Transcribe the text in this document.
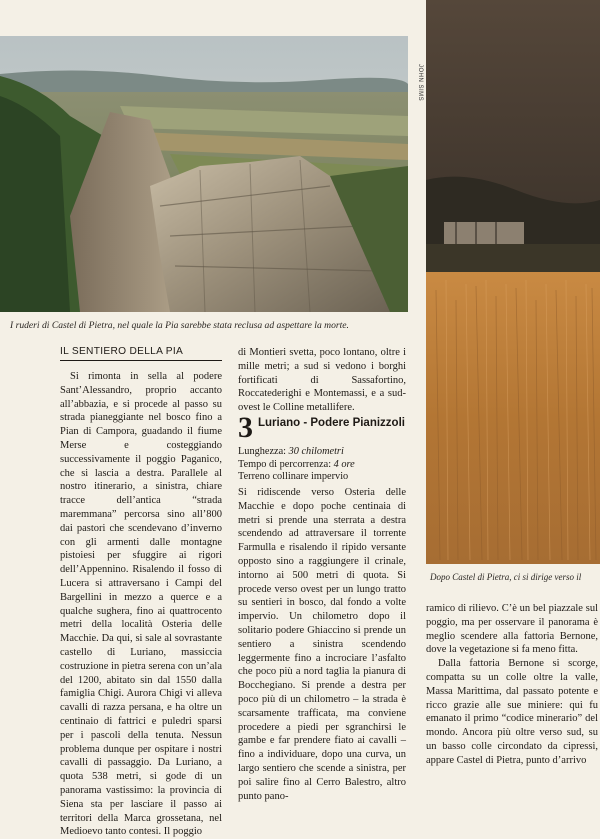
JOHN SIMS
I ruderi di Castel di Pietra, nel quale la Pia sarebbe stata reclusa ad aspettare la morte.
Dopo Castel di Pietra, ci si dirige verso il
IL SENTIERO DELLA PIA

Si rimonta in sella al podere Sant’Alessandro, proprio accanto all’abbazia, e si procede al passo su strada pianeggiante nel bosco fino a Pian di Campora, guadando il fiume Merse e costeggiando successivamente il poggio Paganico, che si lascia a destra. Parallele al nostro itinerario, a sinistra, chiare tracce dell’antica “strada maremmana” percorsa sino all’800 dai pastori che scendevano d’inverno con gli armenti dalle montagne pistoiesi per sfuggire ai rigori dell’Appennino. Risalendo il fosso di Lucera si attraversano i Campi del Bargellini in mezzo a querce e a qualche sughera, fino ai quattrocento metri della località Osteria delle Macchie. Da qui, si sale al sovrastante castello di Luriano, massiccia costruzione in pietra serena con un’ala del 1200, abitato sin dal 1550 dalla famiglia Chigi. Aurora Chigi vi alleva cavalli di razza persana, e ha oltre un centinaio di fattrici e puledri sparsi per i pascoli della tenuta. Nessun problema dunque per ospitare i nostri cavalli di passaggio. Da Luriano, a quota 538 metri, si gode di un panorama vastissimo: la provincia di Siena sta per lasciare il passo ai territori della Marca grossetana, nel Medioevo tanto contesi. Il poggio

di Montieri svetta, poco lontano, oltre i mille metri; a sud si vedono i borghi fortificati di Sassafortino, Roccatederighi e Montemassi, e a sud-ovest le Colline metallifere.

3 Luriano - Podere Pianizzoli
Lunghezza: 30 chilometri
Tempo di percorrenza: 4 ore
Terreno collinare impervio

Si ridiscende verso Osteria delle Macchie e dopo poche centinaia di metri si prende una sterrata a destra scendendo ad attraversare il torrente Farmulla e risalendo il ripido versante opposto sino a raggiungere il crinale, intorno ai 500 metri di quota. Si procede verso ovest per un lungo tratto su sentieri in bosco, dal fondo a volte impervio. Un chilometro dopo il solitario podere Ghiaccino si prende un sentiero a sinistra scendendo leggermente fino a incrociare l’asfalto che poco più a nord taglia la pianura di Bocchegiano. Si prende a destra per poco più di un chilometro – la strada è scarsamente trafficata, ma conviene procedere a piedi per sgranchirsi le gambe e far prendere fiato ai cavalli – fino a individuare, dopo una curva, un largo sentiero che scende a sinistra, per poi salire fino al Cerro Balestro, altro punto pano-

ramico di rilievo. C’è un bel piazzale sul poggio, ma per osservare il panorama è meglio scendere alla fattoria Bernone, dove la vegetazione si fa meno fitta.

Dalla fattoria Bernone si scorge, compatta su un colle oltre la valle, Massa Marittima, dal passato potente e ricco grazie alle sue miniere: qui fu emanato il primo “codice minerario” del mondo. Ancora più oltre verso sud, su un basso colle circondato da cipressi, appare Castel di Pietra, punto d’arrivo
